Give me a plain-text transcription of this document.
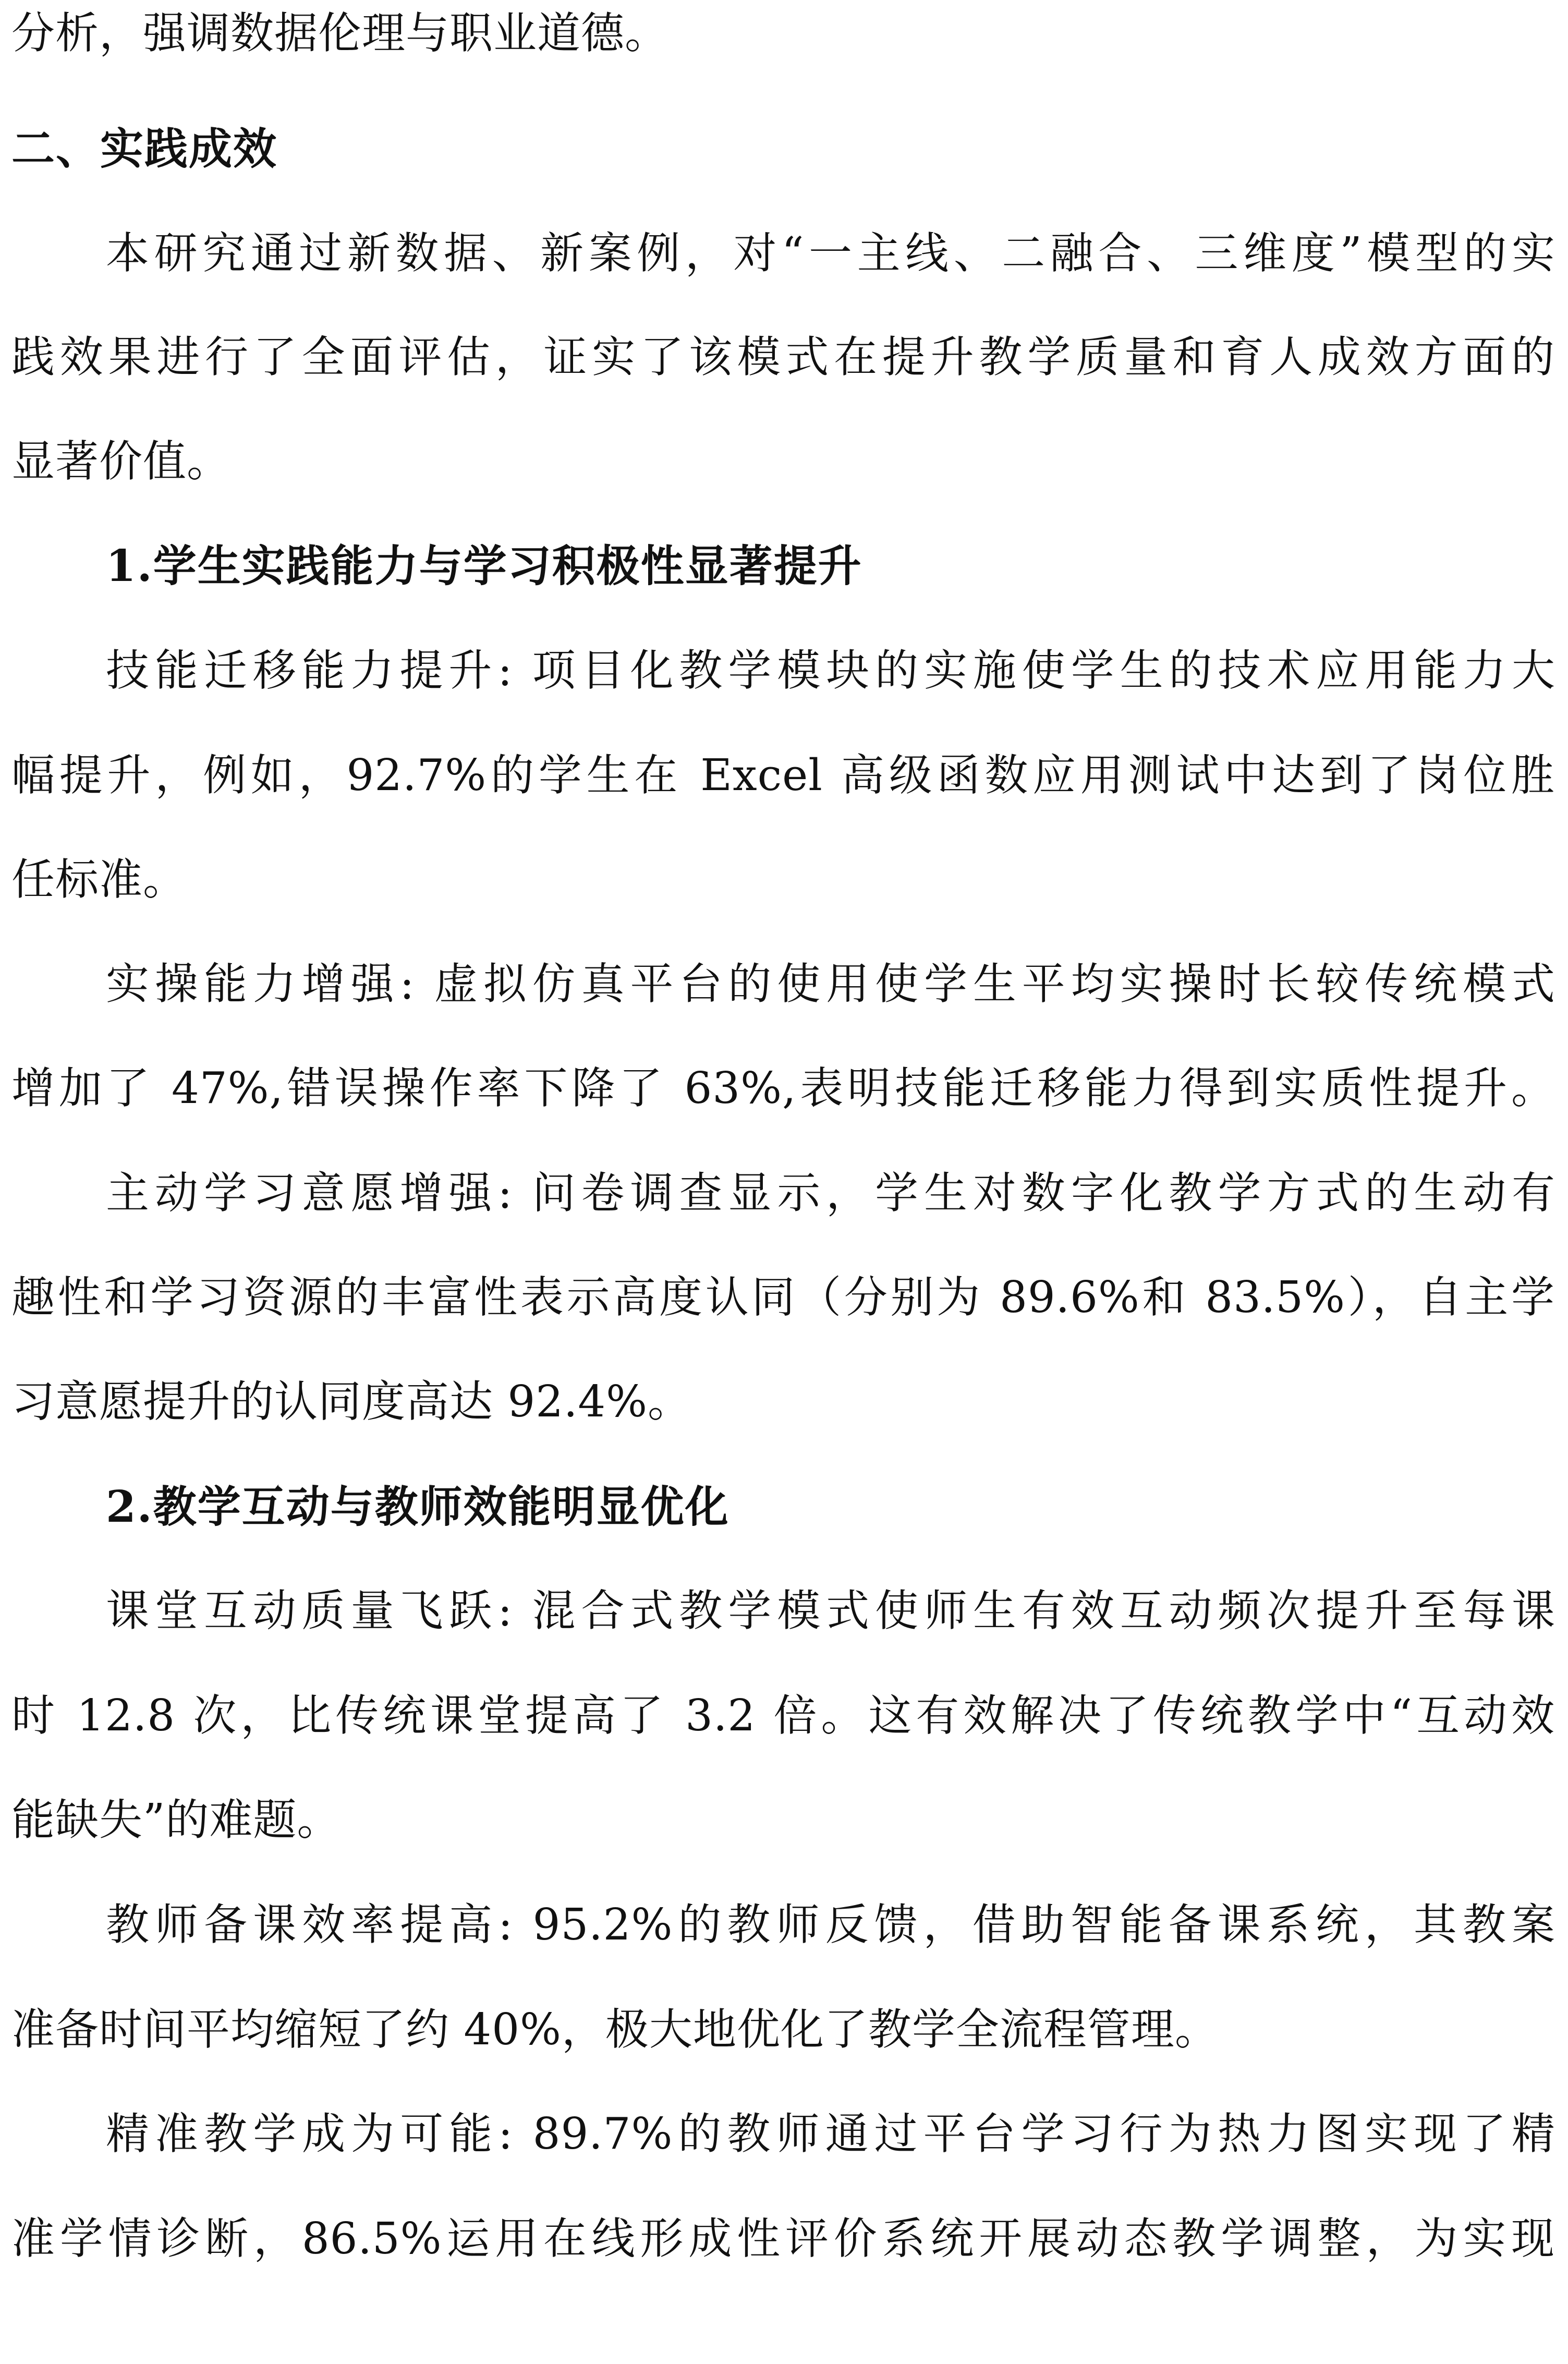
分析，强调数据伦理与职业道德。
二、实践成效
本研究通过新数据、新案例，对“一主线、二融合、三维度”模型的实
践效果进行了全面评估，证实了该模式在提升教学质量和育人成效方面的
显著价值。
1.学生实践能力与学习积极性显著提升
技能迁移能力提升: 项目化教学模块的实施使学生的技术应用能力大
幅提升，例如，92.7%的学生在 Excel 高级函数应用测试中达到了岗位胜
任标准。
实操能力增强: 虚拟仿真平台的使用使学生平均实操时长较传统模式
增加了 47%,错误操作率下降了 63%,表明技能迁移能力得到实质性提升。
主动学习意愿增强: 问卷调查显示，学生对数字化教学方式的生动有
趣性和学习资源的丰富性表示高度认同（分别为 89.6%和 83.5%），自主学
习意愿提升的认同度高达 92.4%。
2.教学互动与教师效能明显优化
课堂互动质量飞跃: 混合式教学模式使师生有效互动频次提升至每课
时 12.8 次，比传统课堂提高了 3.2 倍。这有效解决了传统教学中“互动效
能缺失”的难题。
教师备课效率提高: 95.2%的教师反馈，借助智能备课系统，其教案
准备时间平均缩短了约 40%，极大地优化了教学全流程管理。
精准教学成为可能: 89.7%的教师通过平台学习行为热力图实现了精
准学情诊断，86.5%运用在线形成性评价系统开展动态教学调整，为实现
